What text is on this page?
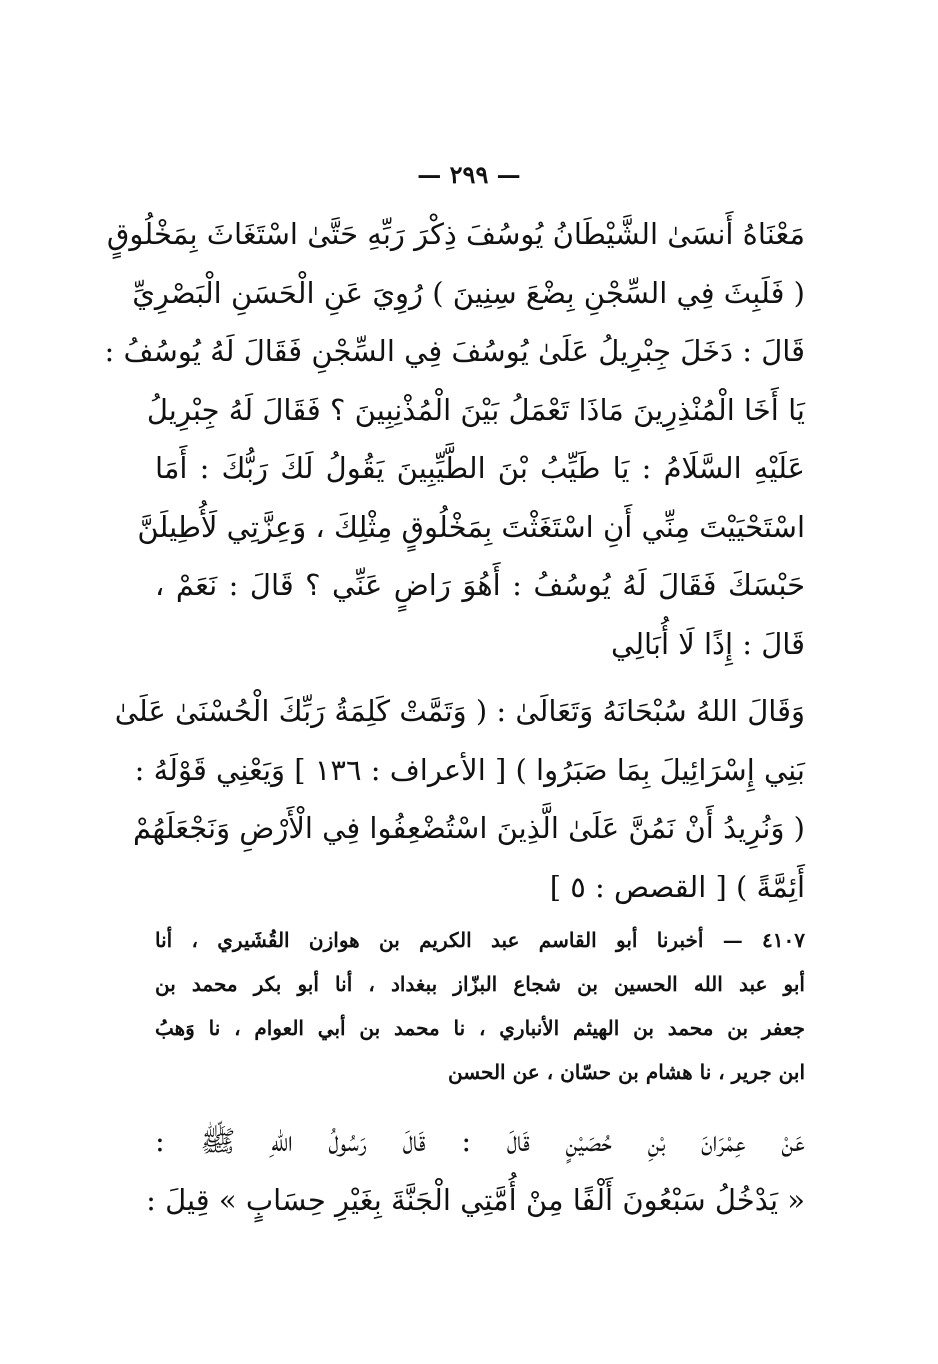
— ٢٩٩ —
مَعْنَاهُ أَنسَىٰ الشَّيْطَانُ يُوسُفَ ذِكْرَ رَبِّهِ حَتَّىٰ اسْتَغَاثَ بِمَخْلُوقٍ
( فَلَبِثَ فِي السِّجْنِ بِضْعَ سِنِينَ ) رُوِيَ عَنِ الْحَسَنِ الْبَصْرِيِّ
قَالَ : دَخَلَ جِبْرِيلُ عَلَىٰ يُوسُفَ فِي السِّجْنِ فَقَالَ لَهُ يُوسُفُ :
يَا أَخَا الْمُنْذِرِينَ مَاذَا تَعْمَلُ بَيْنَ الْمُذْنِبِينَ ؟ فَقَالَ لَهُ جِبْرِيلُ
عَلَيْهِ السَّلَامُ : يَا طَيِّبُ بْنَ الطَّيِّبِينَ يَقُولُ لَكَ رَبُّكَ : أَمَا
اسْتَحْيَيْتَ مِنِّي أَنِ اسْتَغَثْتَ بِمَخْلُوقٍ مِثْلِكَ ، وَعِزَّتِي لَأُطِيلَنَّ
حَبْسَكَ فَقَالَ لَهُ يُوسُفُ : أَهُوَ رَاضٍ عَنِّي ؟ قَالَ : نَعَمْ ،
قَالَ : إِذًا لَا أُبَالِي
وَقَالَ اللهُ سُبْحَانَهُ وَتَعَالَىٰ : ( وَتَمَّتْ كَلِمَةُ رَبِّكَ الْحُسْنَىٰ عَلَىٰ
بَنِي إِسْرَائِيلَ بِمَا صَبَرُوا ) [ الأعراف : ١٣٦ ] وَيَعْنِي قَوْلَهُ :
( وَنُرِيدُ أَنْ نَمُنَّ عَلَىٰ الَّذِينَ اسْتُضْعِفُوا فِي الْأَرْضِ وَنَجْعَلَهُمْ
أَئِمَّةً ) [ القصص : ٥ ]
٤١٠٧ — أخبرنا أبو القاسم عبد الكريم بن هوازن القُشَيري ، أنا
أبو عبد الله الحسين بن شجاع البزّاز ببغداد ، أنا أبو بكر محمد بن
جعفر بن محمد بن الهيثم الأنباري ، نا محمد بن أبي العوام ، نا وَهبُ
ابن جرير ، نا هشام بن حسّان ، عن الحسن
عَنْ عِمْرَانَ بْنِ حُصَيْنٍ قَالَ : قَالَ رَسُولُ اللهِ ﷺ :
« يَدْخُلُ سَبْعُونَ أَلْفًا مِنْ أُمَّتِي الْجَنَّةَ بِغَيْرِ حِسَابٍ » قِيلَ :
